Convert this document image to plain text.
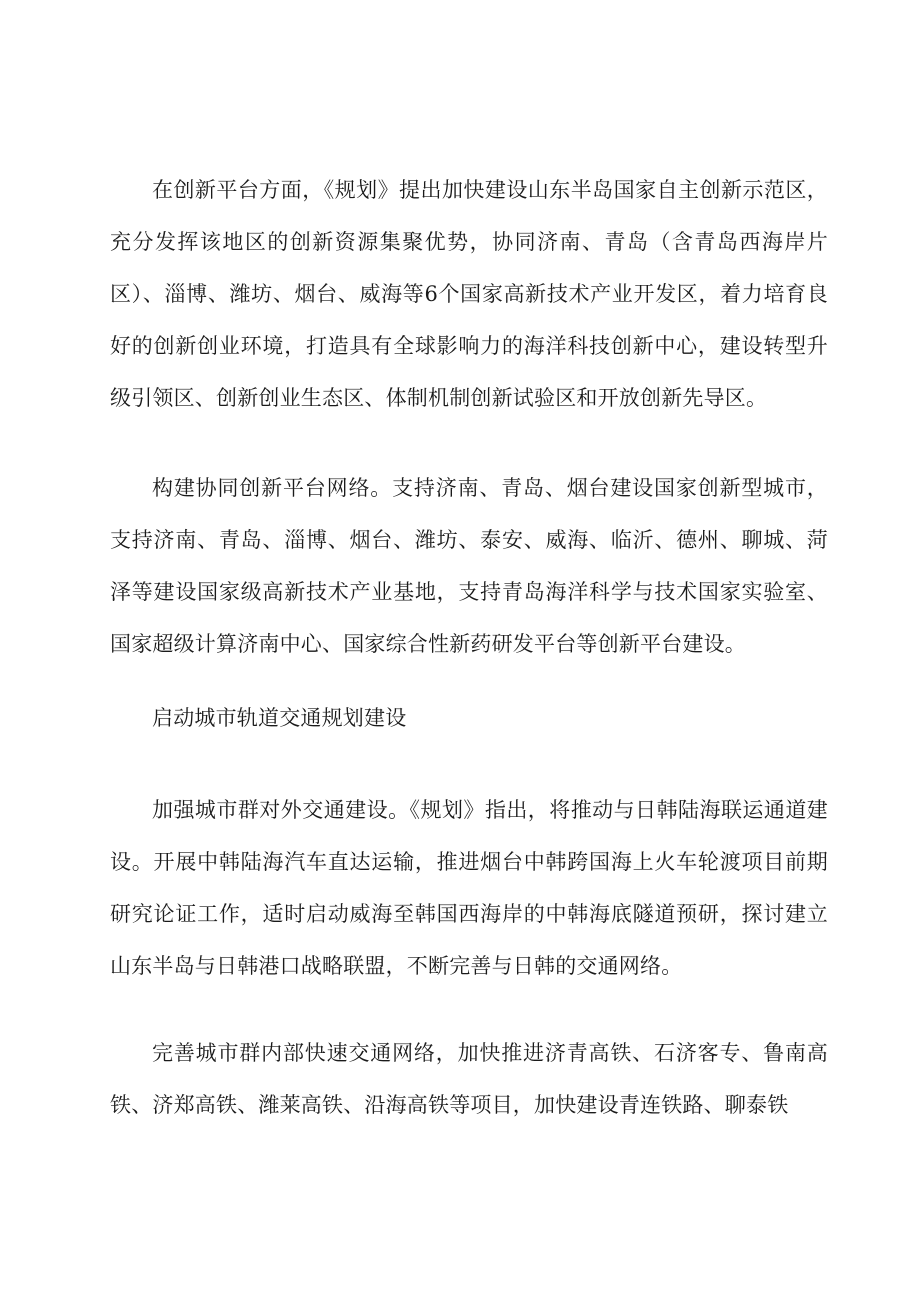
在创新平台方面，《规划》提出加快建设山东半岛国家自主创新示范区，充分发挥该地区的创新资源集聚优势，协同济南、青岛（含青岛西海岸片区）、淄博、潍坊、烟台、威海等6个国家高新技术产业开发区，着力培育良好的创新创业环境，打造具有全球影响力的海洋科技创新中心，建设转型升级引领区、创新创业生态区、体制机制创新试验区和开放创新先导区。

构建协同创新平台网络。支持济南、青岛、烟台建设国家创新型城市，支持济南、青岛、淄博、烟台、潍坊、泰安、威海、临沂、德州、聊城、菏泽等建设国家级高新技术产业基地，支持青岛海洋科学与技术国家实验室、国家超级计算济南中心、国家综合性新药研发平台等创新平台建设。

启动城市轨道交通规划建设

加强城市群对外交通建设。《规划》指出，将推动与日韩陆海联运通道建设。开展中韩陆海汽车直达运输，推进烟台中韩跨国海上火车轮渡项目前期研究论证工作，适时启动威海至韩国西海岸的中韩海底隧道预研，探讨建立山东半岛与日韩港口战略联盟，不断完善与日韩的交通网络。

完善城市群内部快速交通网络，加快推进济青高铁、石济客专、鲁南高铁、济郑高铁、潍莱高铁、沿海高铁等项目，加快建设青连铁路、聊泰铁
